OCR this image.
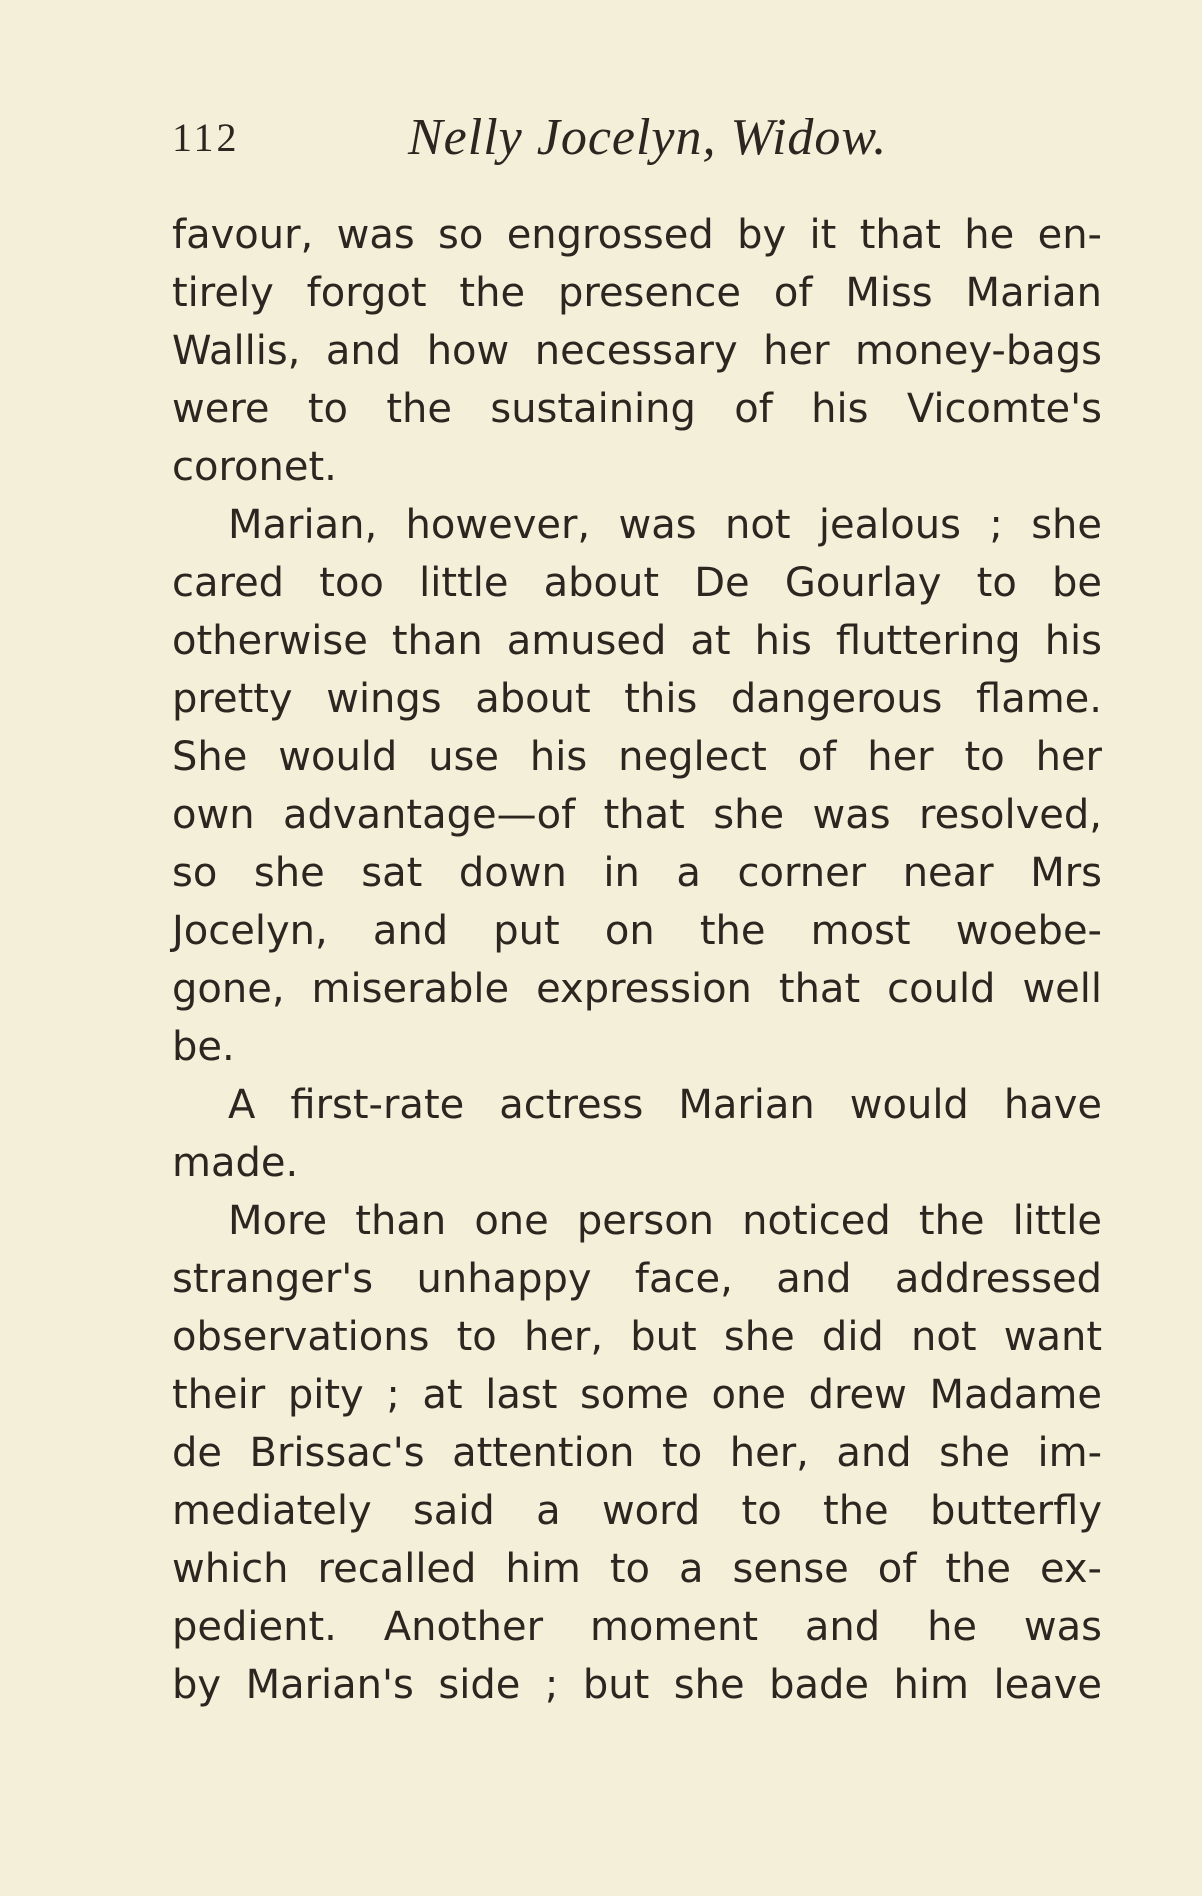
112	Nelly Jocelyn, Widow.
favour, was so engrossed by it that he en-
tirely forgot the presence of Miss Marian
Wallis, and how necessary her money-bags
were to the sustaining of his Vicomte's
coronet.
Marian, however, was not jealous ; she
cared too little about De Gourlay to be
otherwise than amused at his fluttering his
pretty wings about this dangerous flame.
She would use his neglect of her to her
own advantage—of that she was resolved,
so she sat down in a corner near Mrs
Jocelyn, and put on the most woebe-
gone, miserable expression that could well
be.
A first-rate actress Marian would have
made.
More than one person noticed the little
stranger's unhappy face, and addressed
observations to her, but she did not want
their pity ; at last some one drew Madame
de Brissac's attention to her, and she im-
mediately said a word to the butterfly
which recalled him to a sense of the ex-
pedient. Another moment and he was
by Marian's side ; but she bade him leave
